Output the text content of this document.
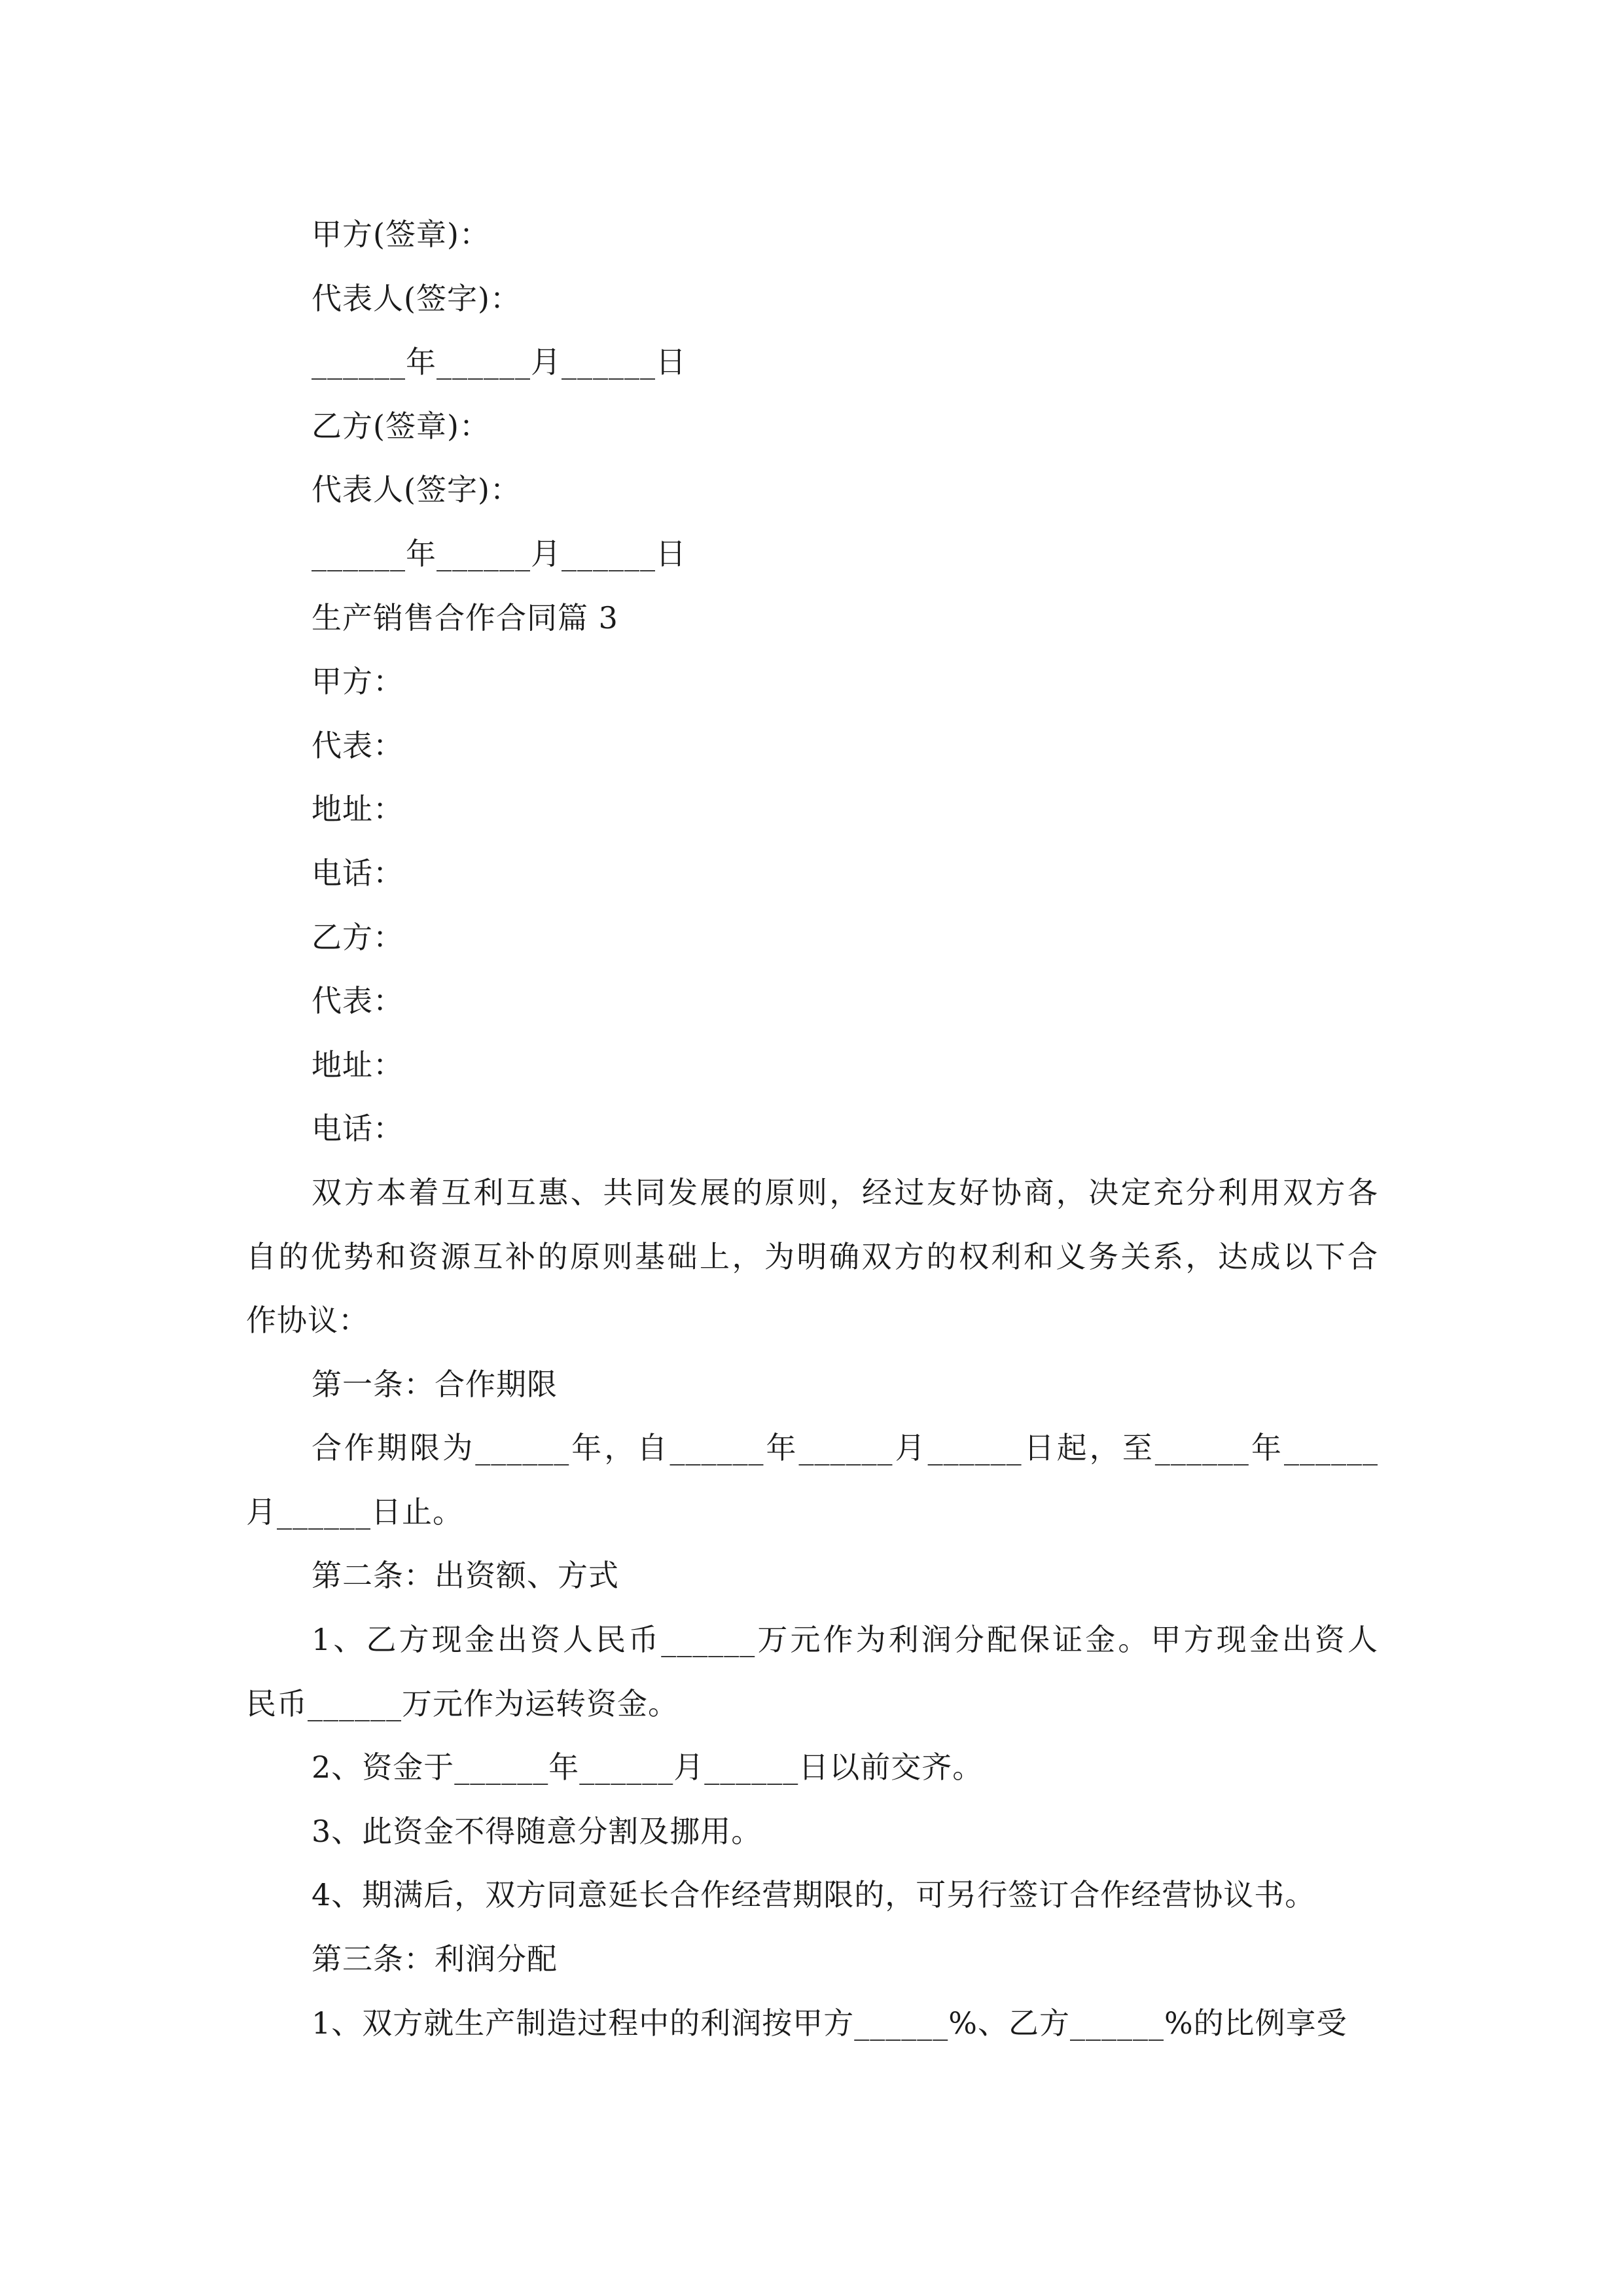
甲方(签章)：
代表人(签字)：
______年______月______日
乙方(签章)：
代表人(签字)：
______年______月______日
生产销售合作合同篇 3
甲方：
代表：
地址：
电话：
乙方：
代表：
地址：
电话：
双方本着互利互惠、共同发展的原则，经过友好协商，决定充分利用双方各
自的优势和资源互补的原则基础上，为明确双方的权利和义务关系，达成以下合
作协议：
第一条：合作期限
合作期限为______年，自______年______月______日起，至______年______
月______日止。
第二条：出资额、方式
1、乙方现金出资人民币______万元作为利润分配保证金。甲方现金出资人
民币______万元作为运转资金。
2、资金于______年______月______日以前交齐。
3、此资金不得随意分割及挪用。
4、期满后，双方同意延长合作经营期限的，可另行签订合作经营协议书。
第三条：利润分配
1、双方就生产制造过程中的利润按甲方______%、乙方______%的比例享受
